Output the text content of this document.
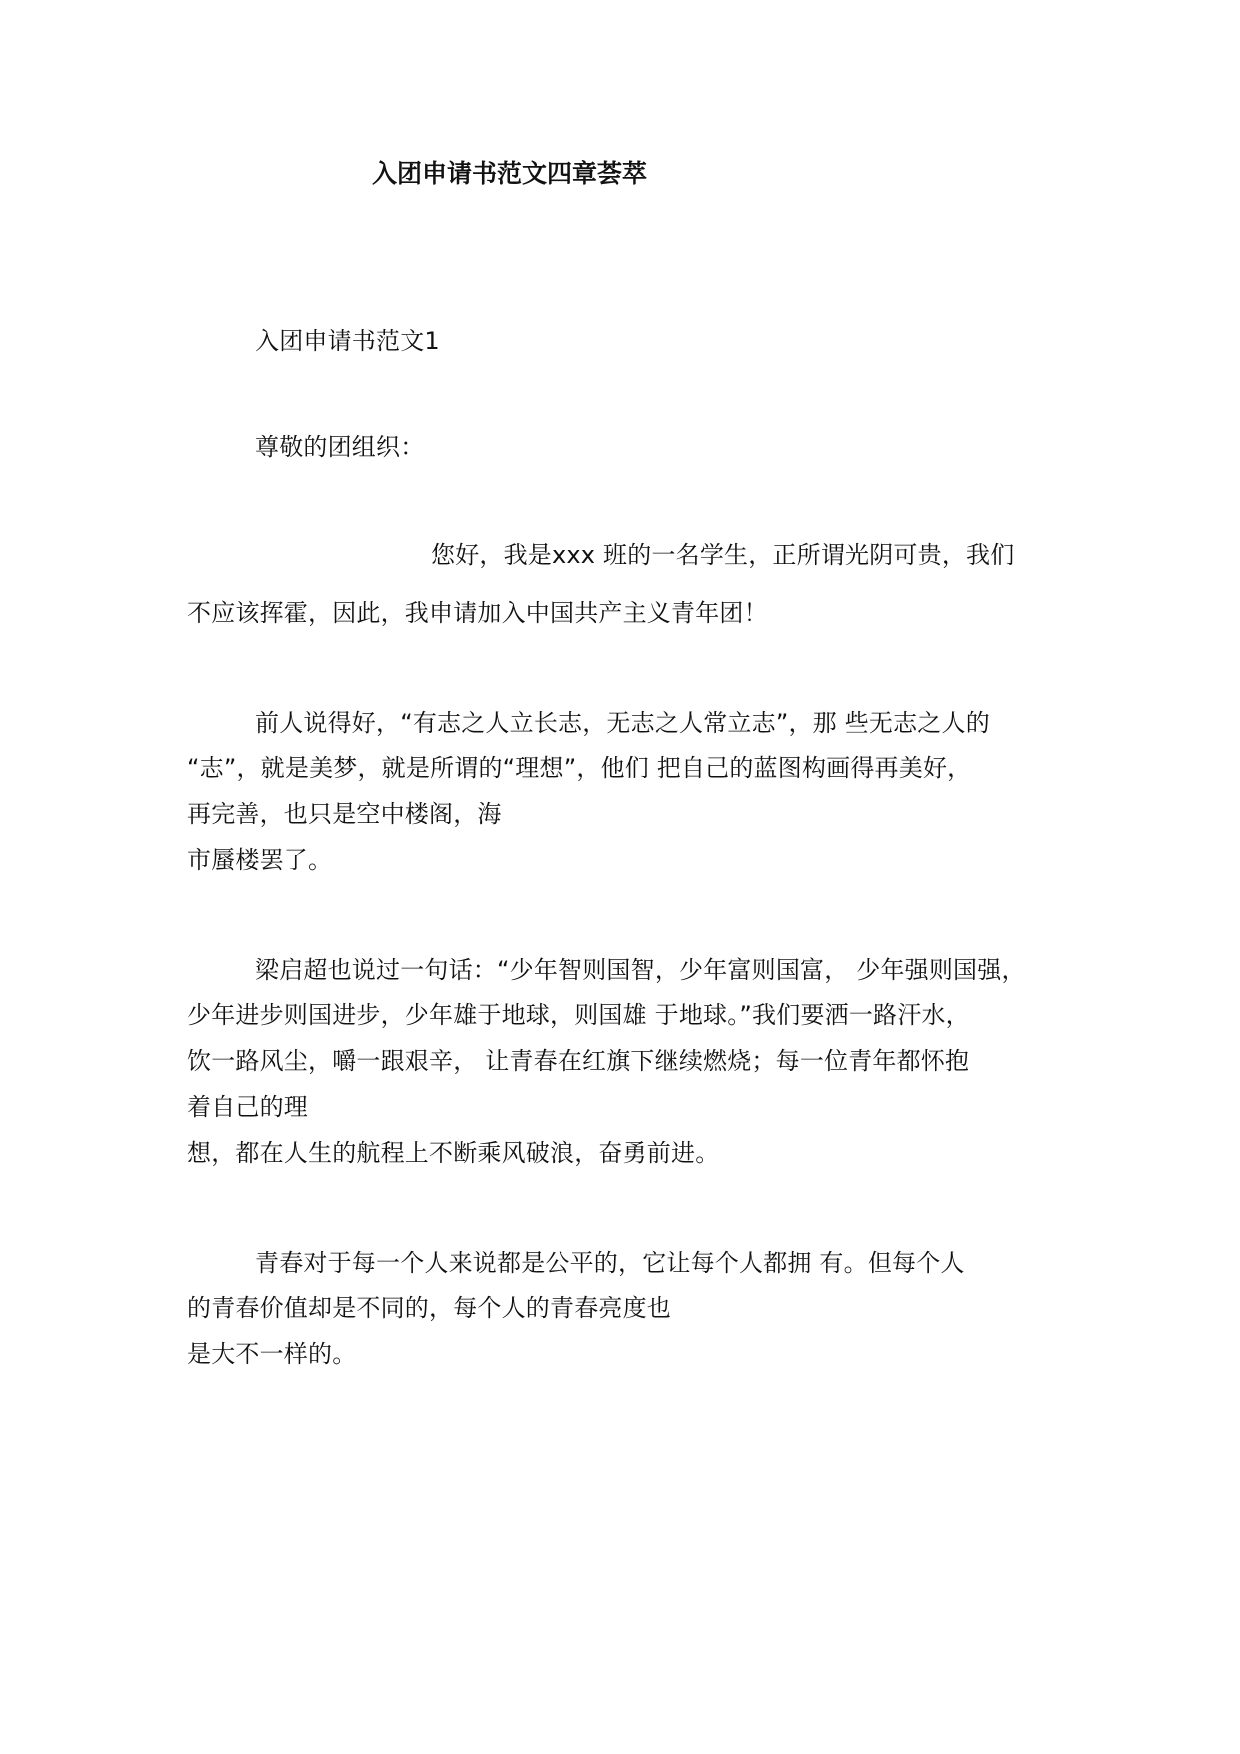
入团申请书范文四章荟萃

入团申请书范文1

尊敬的团组织：

您好，我是xxx 班的一名学生，正所谓光阴可贵，我们

不应该挥霍，因此，我申请加入中国共产主义青年团！

前人说得好，“有志之人立长志，无志之人常立志”，那 些无志之人的

“志”，就是美梦，就是所谓的“理想”，他们 把自己的蓝图构画得再美好，

再完善，也只是空中楼阁，海

市蜃楼罢了。

梁启超也说过一句话：“少年智则国智，少年富则国富， 少年强则国强，

少年进步则国进步，少年雄于地球，则国雄 于地球。”我们要洒一路汗水，

饮一路风尘，嚼一跟艰辛， 让青春在红旗下继续燃烧；每一位青年都怀抱

着自己的理

想，都在人生的航程上不断乘风破浪，奋勇前进。

青春对于每一个人来说都是公平的，它让每个人都拥 有。但每个人

的青春价值却是不同的，每个人的青春亮度也

是大不一样的。
